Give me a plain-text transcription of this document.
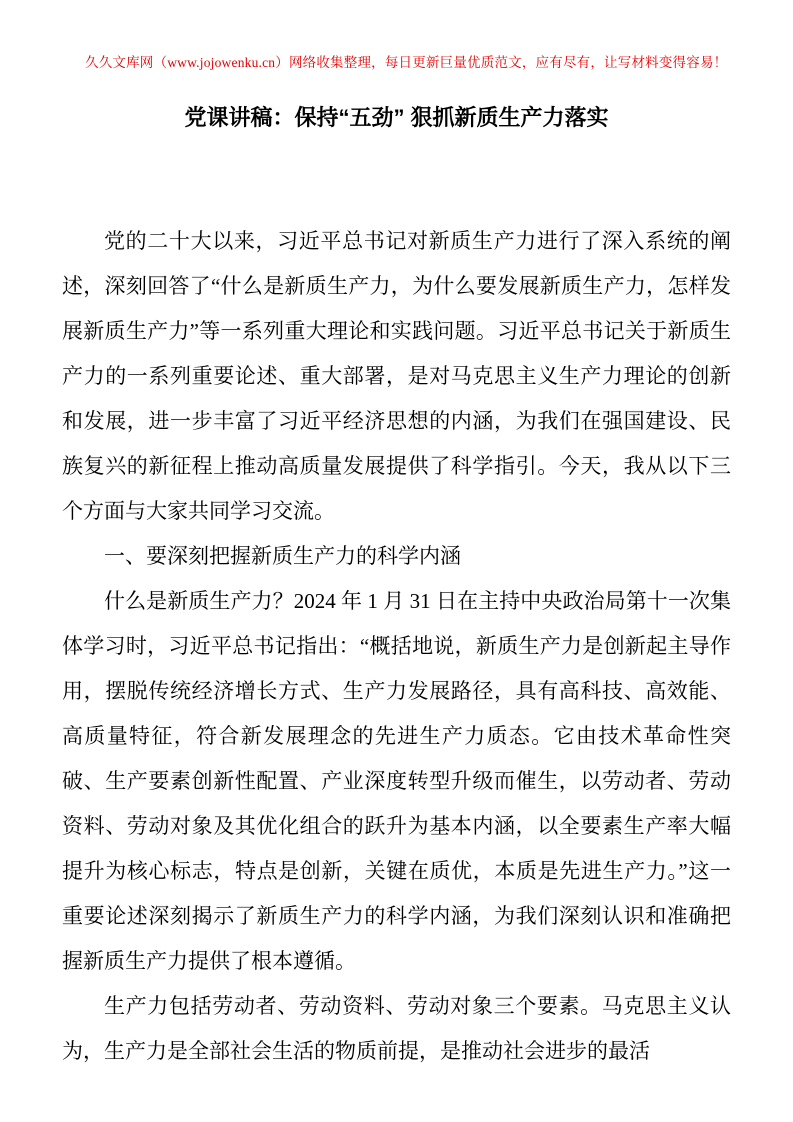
久久文库网（www.jojowenku.cn）网络收集整理，每日更新巨量优质范文，应有尽有，让写材料变得容易！
党课讲稿：保持“五劲” 狠抓新质生产力落实

党的二十大以来，习近平总书记对新质生产力进行了深入系统的阐述，深刻回答了“什么是新质生产力，为什么要发展新质生产力，怎样发展新质生产力”等一系列重大理论和实践问题。习近平总书记关于新质生产力的一系列重要论述、重大部署，是对马克思主义生产力理论的创新和发展，进一步丰富了习近平经济思想的内涵，为我们在强国建设、民族复兴的新征程上推动高质量发展提供了科学指引。今天，我从以下三个方面与大家共同学习交流。

一、要深刻把握新质生产力的科学内涵

什么是新质生产力？2024 年 1 月 31 日在主持中央政治局第十一次集体学习时，习近平总书记指出：“概括地说，新质生产力是创新起主导作用，摆脱传统经济增长方式、生产力发展路径，具有高科技、高效能、高质量特征，符合新发展理念的先进生产力质态。它由技术革命性突破、生产要素创新性配置、产业深度转型升级而催生，以劳动者、劳动资料、劳动对象及其优化组合的跃升为基本内涵，以全要素生产率大幅提升为核心标志，特点是创新，关键在质优，本质是先进生产力。”这一重要论述深刻揭示了新质生产力的科学内涵，为我们深刻认识和准确把握新质生产力提供了根本遵循。

生产力包括劳动者、劳动资料、劳动对象三个要素。马克思主义认为，生产力是全部社会生活的物质前提，是推动社会进步的最活
